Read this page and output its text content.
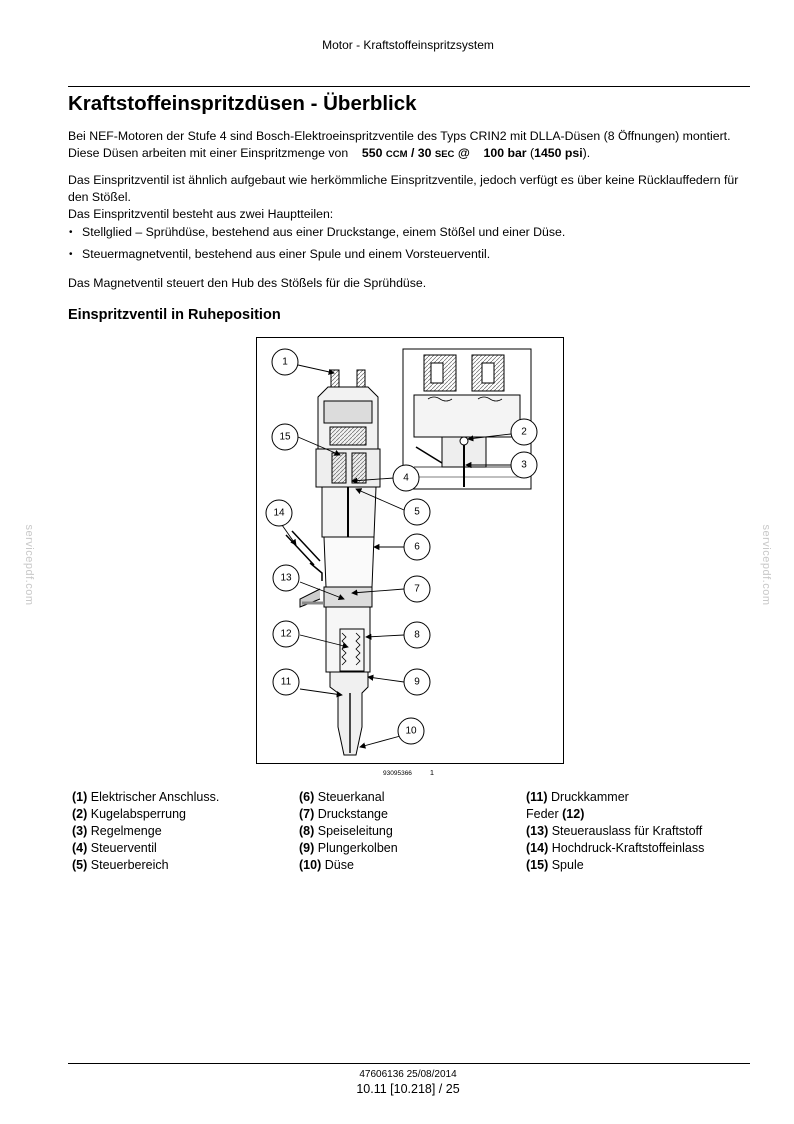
Motor - Kraftstoffeinspritzsystem
Kraftstoffeinspritzdüsen - Überblick

Bei NEF-Motoren der Stufe 4 sind Bosch-Elektroeinspritzventile des Typs CRIN2 mit DLLA-Düsen (8 Öffnungen) montiert. Diese Düsen arbeiten mit einer Einspritzmenge von 550 CCM / 30 SEC @ 100 bar (1450 psi).

Das Einspritzventil ist ähnlich aufgebaut wie herkömmliche Einspritzventile, jedoch verfügt es über keine Rücklauffedern für den Stößel.
Das Einspritzventil besteht aus zwei Hauptteilen:

• Stellglied – Sprühdüse, bestehend aus einer Druckstange, einem Stößel und einer Düse.
• Steuermagnetventil, bestehend aus einer Spule und einem Vorsteuerventil.

Das Magnetventil steuert den Hub des Stößels für die Sprühdüse.

Einspritzventil in Ruheposition
1
2
3
4
5
6
7
8
9
10
11
12
13
14
15
93095366 1
(1) Elektrischer Anschluss.
(2) Kugelabsperrung
(3) Regelmenge
(4) Steuerventil
(5) Steuerbereich
(6) Steuerkanal
(7) Druckstange
(8) Speiseleitung
(9) Plungerkolben
(10) Düse
(11) Druckkammer
Feder (12)
(13) Steuerauslass für Kraftstoff
(14) Hochdruck-Kraftstoffeinlass
(15) Spule
servicepdf.com	servicepdf.com
47606136 25/08/2014
10.11 [10.218] / 25
